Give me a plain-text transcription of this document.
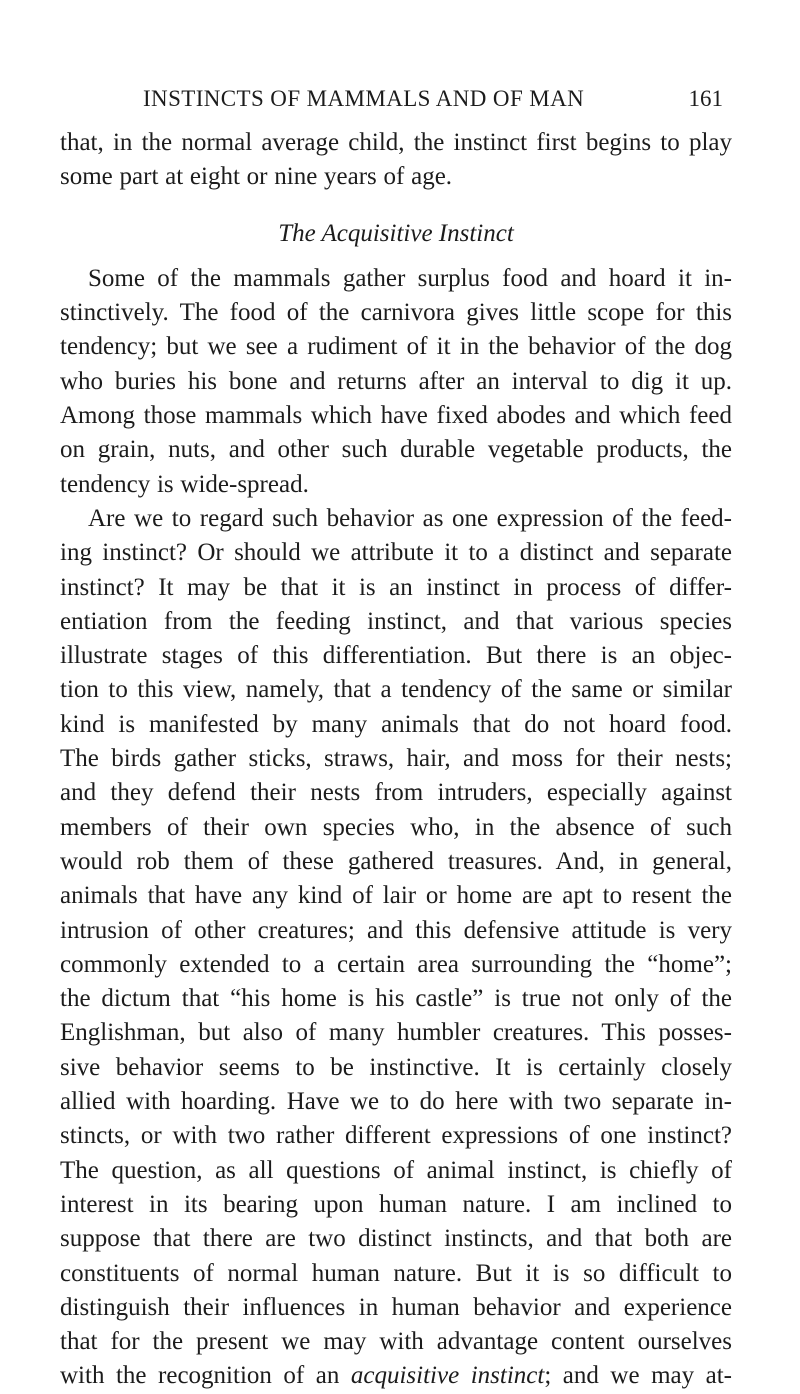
INSTINCTS OF MAMMALS AND OF MAN	161
that, in the normal average child, the instinct first begins to play
some part at eight or nine years of age.
The Acquisitive Instinct
Some of the mammals gather surplus food and hoard it in-
stinctively. The food of the carnivora gives little scope for this
tendency; but we see a rudiment of it in the behavior of the dog
who buries his bone and returns after an interval to dig it up.
Among those mammals which have fixed abodes and which feed
on grain, nuts, and other such durable vegetable products, the
tendency is wide-spread.
Are we to regard such behavior as one expression of the feed-
ing instinct? Or should we attribute it to a distinct and separate
instinct? It may be that it is an instinct in process of differ-
entiation from the feeding instinct, and that various species
illustrate stages of this differentiation. But there is an objec-
tion to this view, namely, that a tendency of the same or similar
kind is manifested by many animals that do not hoard food.
The birds gather sticks, straws, hair, and moss for their nests;
and they defend their nests from intruders, especially against
members of their own species who, in the absence of such
would rob them of these gathered treasures. And, in general,
animals that have any kind of lair or home are apt to resent the
intrusion of other creatures; and this defensive attitude is very
commonly extended to a certain area surrounding the “home”;
the dictum that “his home is his castle” is true not only of the
Englishman, but also of many humbler creatures. This posses-
sive behavior seems to be instinctive. It is certainly closely
allied with hoarding. Have we to do here with two separate in-
stincts, or with two rather different expressions of one instinct?
The question, as all questions of animal instinct, is chiefly of
interest in its bearing upon human nature. I am inclined to
suppose that there are two distinct instincts, and that both are
constituents of normal human nature. But it is so difficult to
distinguish their influences in human behavior and experience
that for the present we may with advantage content ourselves
with the recognition of an acquisitive instinct; and we may at-
